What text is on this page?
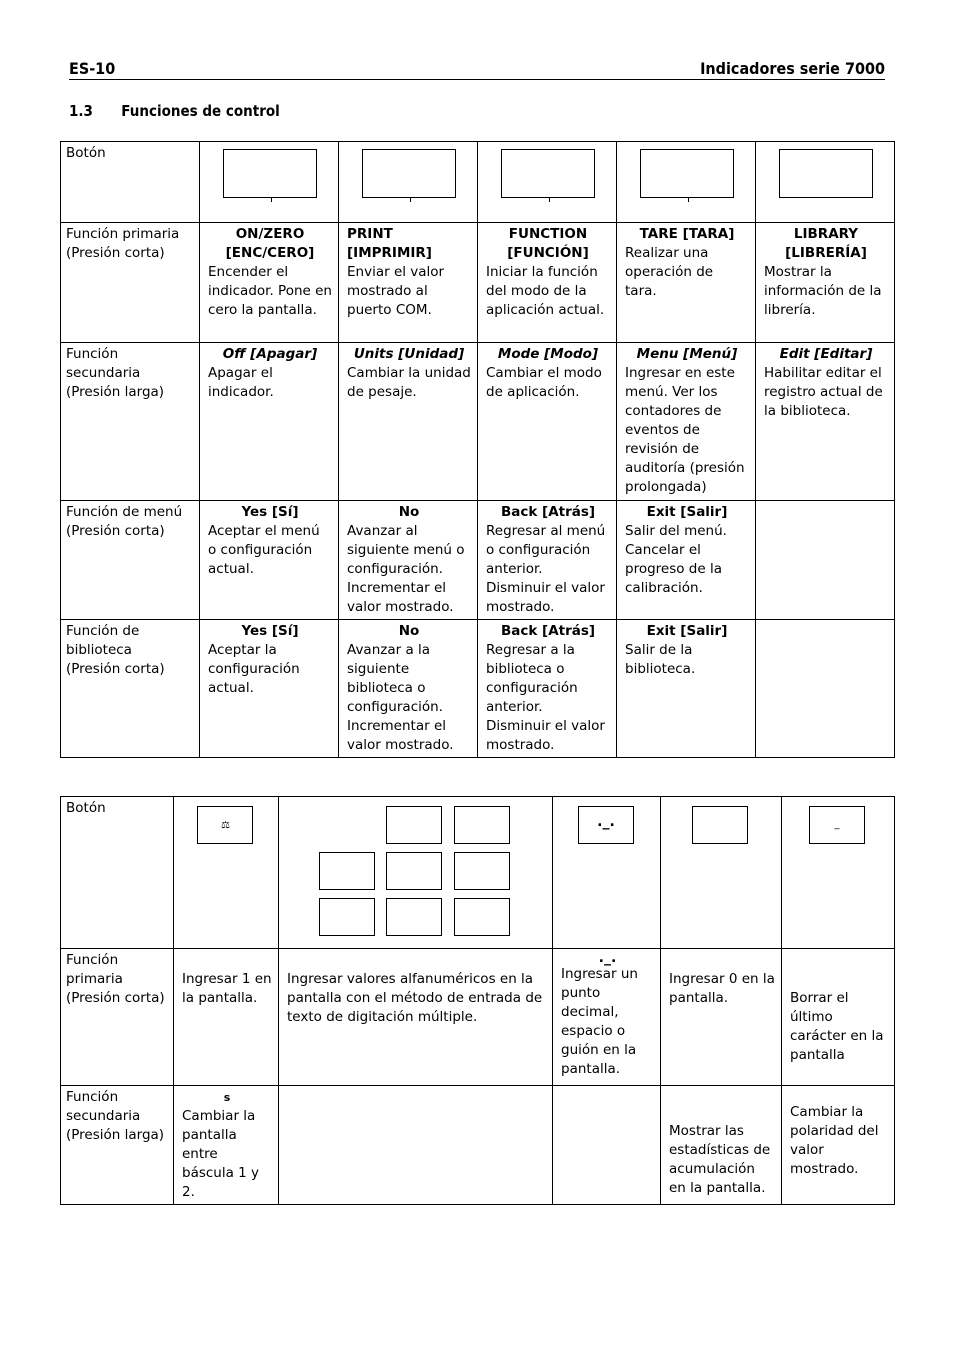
ES-10	Indicadores serie 7000
1.3 Funciones de control
Botón	

Función primaria
(Presión corta)	ON/ZERO
[ENC/CERO]
Encender el indicador. Pone en cero la pantalla.	PRINT [IMPRIMIR]
Enviar el valor mostrado al puerto COM.	FUNCTION
[FUNCIÓN]
Iniciar la función del modo de la aplicación actual.	TARE [TARA]
Realizar una operación de tara.	LIBRARY
[LIBRERÍA]
Mostrar la información de la librería.

Función secundaria
(Presión larga)	Off [Apagar]
Apagar el indicador.	Units [Unidad]
Cambiar la unidad de pesaje.	Mode [Modo]
Cambiar el modo de aplicación.	Menu [Menú]
Ingresar en este menú. Ver los contadores de eventos de revisión de auditoría (presión prolongada)	Edit [Editar]
Habilitar editar el registro actual de la biblioteca.

Función de menú
(Presión corta)	Yes [Sí]
Aceptar el menú o configuración actual.	No
Avanzar al siguiente menú o configuración. Incrementar el valor mostrado.	Back [Atrás]
Regresar al menú o configuración anterior. Disminuir el valor mostrado.	Exit [Salir]
Salir del menú. Cancelar el progreso de la calibración.	

Función de
biblioteca
(Presión corta)	Yes [Sí]
Aceptar la configuración actual.	No
Avanzar a la siguiente biblioteca o configuración. Incrementar el valor mostrado.	Back [Atrás]
Regresar a la biblioteca o configuración anterior. Disminuir el valor mostrado.	Exit [Salir]
Salir de la biblioteca.	

Botón	⚖		._.		_

Función
primaria
(Presión corta)	Ingresar 1 en la pantalla.	Ingresar valores alfanuméricos en la pantalla con el método de entrada de texto de digitación múltiple.	._.
Ingresar un punto decimal, espacio o guión en la pantalla.	Ingresar 0 en la pantalla.	Borrar el último carácter en la pantalla

Función
secundaria
(Presión larga)	s
Cambiar la pantalla entre báscula 1 y 2.			Mostrar las estadísticas de acumulación en la pantalla.	Cambiar la polaridad del valor mostrado.
